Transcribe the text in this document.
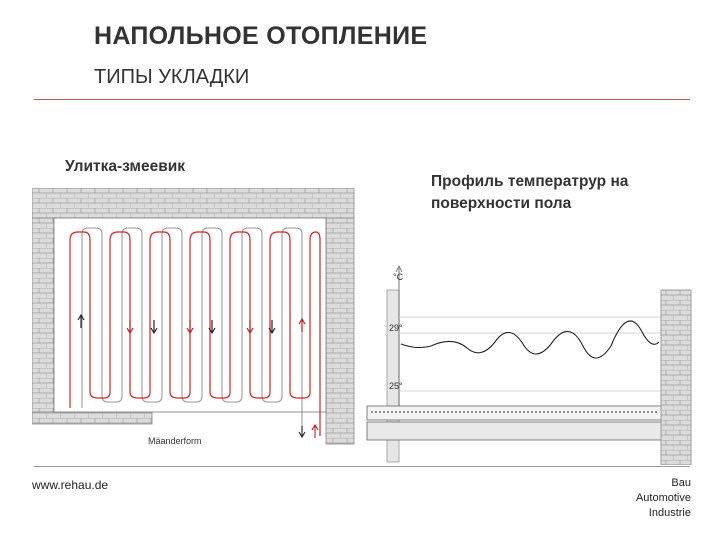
НАПОЛЬНОЕ ОТОПЛЕНИЕ
ТИПЫ УКЛАДКИ
Улитка-змеевик
Профиль температрур на поверхности пола
Mäanderform
°C
29°
25°
www.rehau.de	Bau
Automotive
Industrie
